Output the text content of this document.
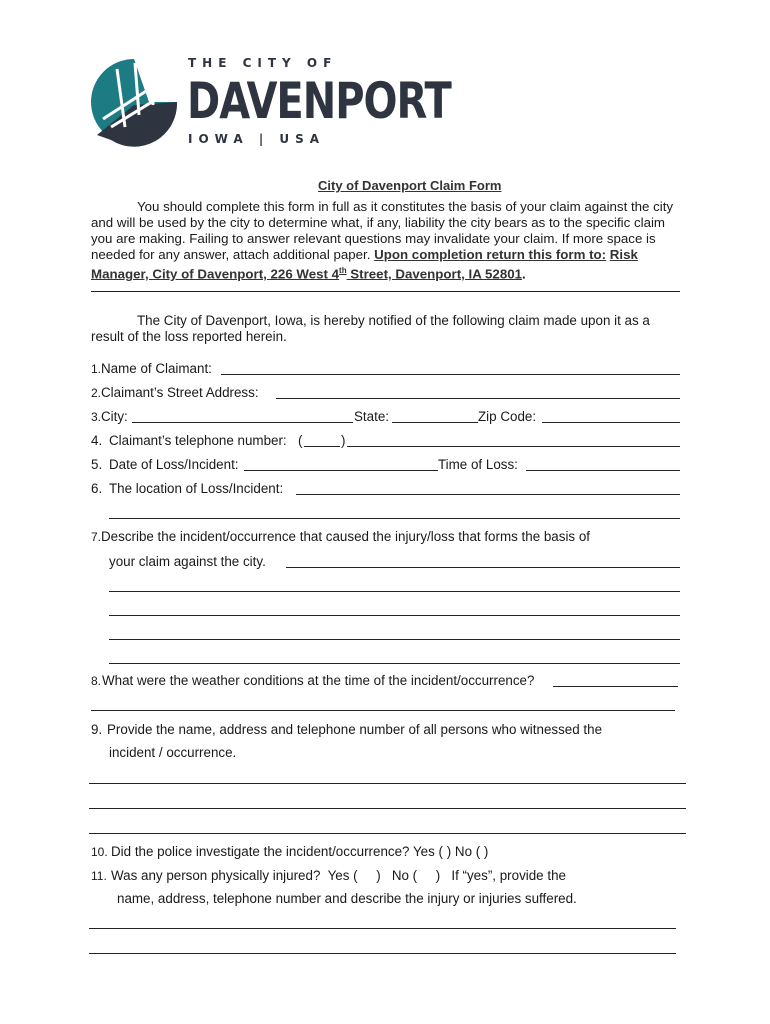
THE CITY OF
DAVENPORT
IOWA | USA
City of Davenport Claim Form
You should complete this form in full as it constitutes the basis of your claim against the city and will be used by the city to determine what, if any, liability the city bears as to the specific claim you are making. Failing to answer relevant questions may invalidate your claim. If more space is needed for any answer, attach additional paper. Upon completion return this form to: Risk Manager, City of Davenport, 226 West 4th Street, Davenport, IA 52801.
The City of Davenport, Iowa, is hereby notified of the following claim made upon it as a
result of the loss reported herein.
1. Name of Claimant:
2. Claimant’s Street Address:
3. City:	State:	Zip Code:
4. Claimant’s telephone number: (	)
5. Date of Loss/Incident:	Time of Loss:
6. The location of Loss/Incident:
7. Describe the incident/occurrence that caused the injury/loss that forms the basis of
your claim against the city.
8. What were the weather conditions at the time of the incident/occurrence?
9. Provide the name, address and telephone number of all persons who witnessed the
incident / occurrence.
10. Did the police investigate the incident/occurrence? Yes ( ) No ( )
11. Was any person physically injured?  Yes (     )   No (     )   If “yes”, provide the
name, address, telephone number and describe the injury or injuries suffered.
